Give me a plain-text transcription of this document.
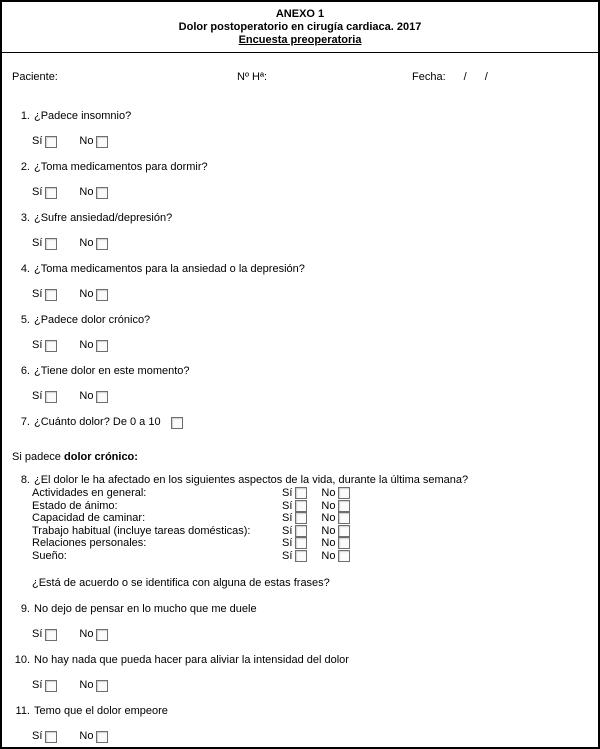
ANEXO 1
Dolor postoperatorio en cirugía cardiaca. 2017
Encuesta preoperatoria
Paciente:	Nº Hª:	Fecha: / /
1. ¿Padece insomnio?
Sí	No
2. ¿Toma medicamentos para dormir?
Sí	No
3. ¿Sufre ansiedad/depresión?
Sí	No
4. ¿Toma medicamentos para la ansiedad o la depresión?
Sí	No
5. ¿Padece dolor crónico?
Sí	No
6. ¿Tiene dolor en este momento?
Sí	No
7. ¿Cuánto dolor? De 0 a 10
Si padece dolor crónico:
8. ¿El dolor le ha afectado en los siguientes aspectos de la vida, durante la última semana?
Actividades en general:	Sí	No
Estado de ánimo:	Sí	No
Capacidad de caminar:	Sí	No
Trabajo habitual (incluye tareas domésticas):	Sí	No
Relaciones personales:	Sí	No
Sueño:	Sí	No
¿Está de acuerdo o se identifica con alguna de estas frases?
9. No dejo de pensar en lo mucho que me duele
Sí	No
10. No hay nada que pueda hacer para aliviar la intensidad del dolor
Sí	No
11. Temo que el dolor empeore
Sí	No
